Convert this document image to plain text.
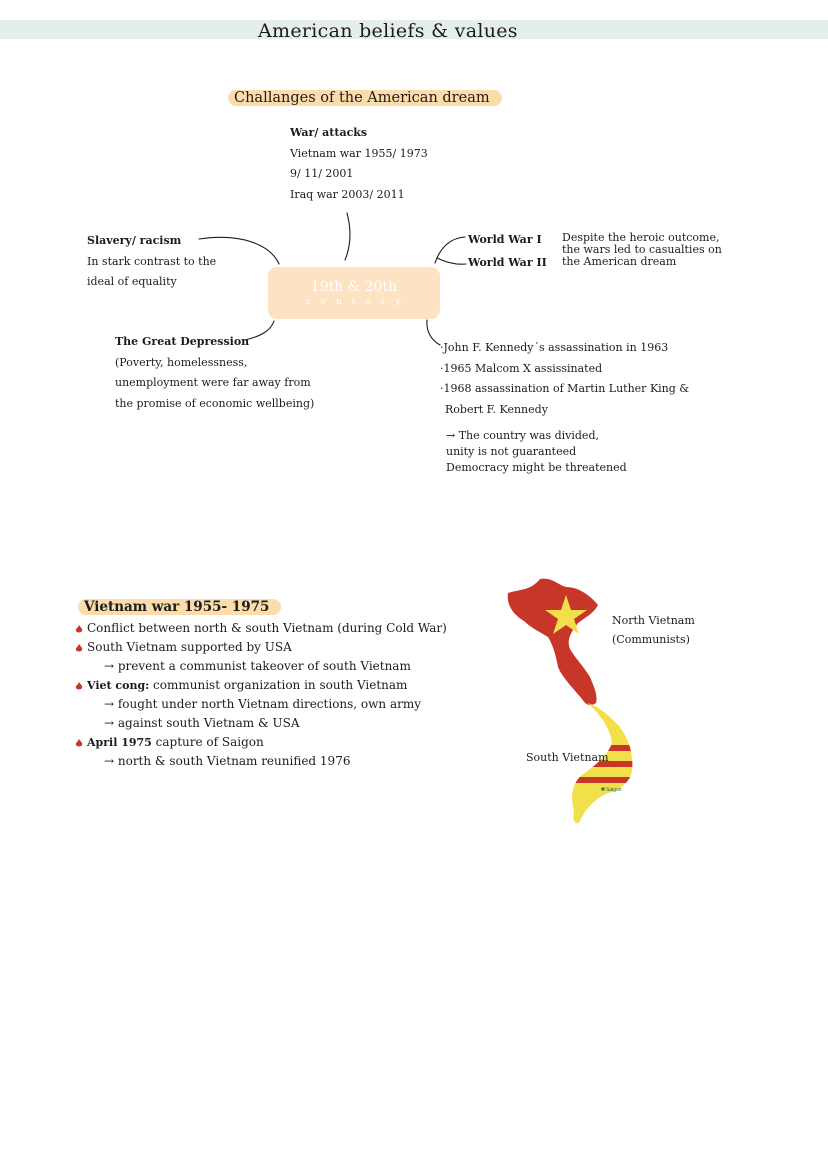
American beliefs & values
Challanges of the American dream
19th & 20th
century
War/ attacks
Vietnam war 1955/ 1973
9/ 11/ 2001
Iraq war 2003/ 2011
Slavery/ racism
In stark contrast to the
ideal of equality
World War I
World War II
Despite the heroic outcome,
the wars led to casualties on
the American dream
The Great Depression
(Poverty, homelessness,
unemployment were far away from
the promise of economic wellbeing)
·John F. Kennedy´s assassination in 1963
·1965 Malcom X assissinated
·1968 assassination of Martin Luther King &
Robert F. Kennedy
→ The country was divided,
unity is not guaranteed
Democracy might be threatened
Vietnam war 1955- 1975
Conflict between north & south Vietnam (during Cold War)
South Vietnam supported by USA
→ prevent a communist takeover of south Vietnam
Viet cong: communist organization in south Vietnam
→ fought under north Vietnam directions, own army
→ against south Vietnam & USA
April 1975 capture of Saigon
→ north & south Vietnam reunified 1976
Saigon
North Vietnam
(Communists)
South Vietnam
